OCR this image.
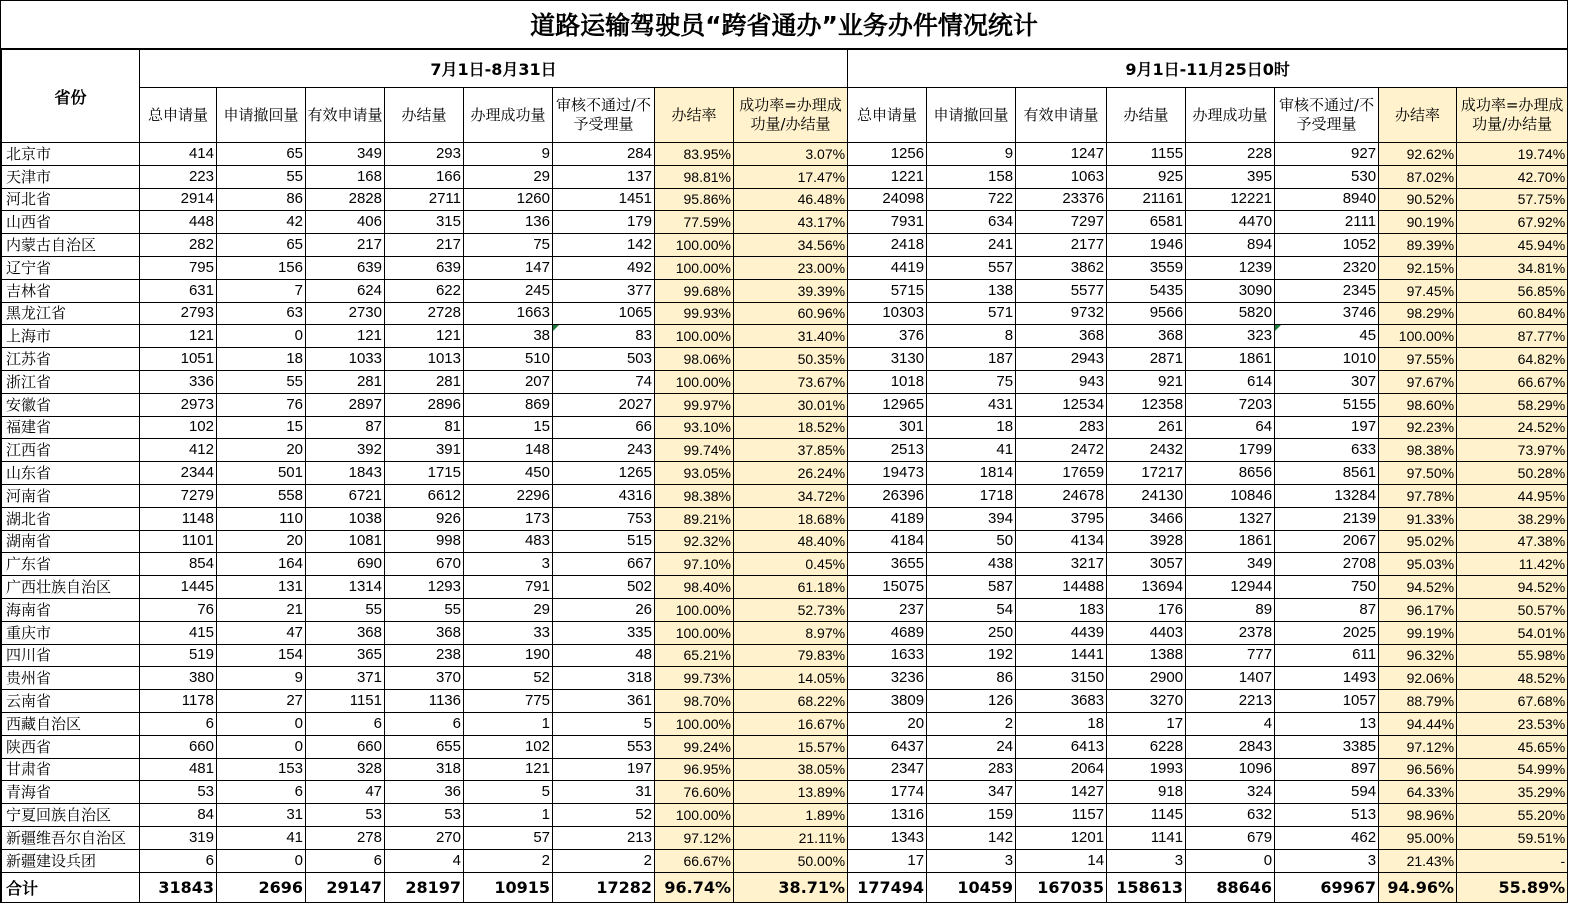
道路运输驾驶员“跨省通办”业务办件情况统计
省份	7月1日-8月31日								9月1日-11月25日0时							
	总申请量	申请撤回量	有效申请量	办结量	办理成功量	审核不通过/不予受理量	办结率	成功率=办理成功量/办结量	总申请量	申请撤回量	有效申请量	办结量	办理成功量	审核不通过/不予受理量	办结率	成功率=办理成功量/办结量
北京市	414	65	349	293	9	284	83.95%	3.07%	1256	9	1247	1155	228	927	92.62%	19.74%
天津市	223	55	168	166	29	137	98.81%	17.47%	1221	158	1063	925	395	530	87.02%	42.70%
河北省	2914	86	2828	2711	1260	1451	95.86%	46.48%	24098	722	23376	21161	12221	8940	90.52%	57.75%
山西省	448	42	406	315	136	179	77.59%	43.17%	7931	634	7297	6581	4470	2111	90.19%	67.92%
内蒙古自治区	282	65	217	217	75	142	100.00%	34.56%	2418	241	2177	1946	894	1052	89.39%	45.94%
辽宁省	795	156	639	639	147	492	100.00%	23.00%	4419	557	3862	3559	1239	2320	92.15%	34.81%
吉林省	631	7	624	622	245	377	99.68%	39.39%	5715	138	5577	5435	3090	2345	97.45%	56.85%
黑龙江省	2793	63	2730	2728	1663	1065	99.93%	60.96%	10303	571	9732	9566	5820	3746	98.29%	60.84%
上海市	121	0	121	121	38	83	100.00%	31.40%	376	8	368	368	323	45	100.00%	87.77%
江苏省	1051	18	1033	1013	510	503	98.06%	50.35%	3130	187	2943	2871	1861	1010	97.55%	64.82%
浙江省	336	55	281	281	207	74	100.00%	73.67%	1018	75	943	921	614	307	97.67%	66.67%
安徽省	2973	76	2897	2896	869	2027	99.97%	30.01%	12965	431	12534	12358	7203	5155	98.60%	58.29%
福建省	102	15	87	81	15	66	93.10%	18.52%	301	18	283	261	64	197	92.23%	24.52%
江西省	412	20	392	391	148	243	99.74%	37.85%	2513	41	2472	2432	1799	633	98.38%	73.97%
山东省	2344	501	1843	1715	450	1265	93.05%	26.24%	19473	1814	17659	17217	8656	8561	97.50%	50.28%
河南省	7279	558	6721	6612	2296	4316	98.38%	34.72%	26396	1718	24678	24130	10846	13284	97.78%	44.95%
湖北省	1148	110	1038	926	173	753	89.21%	18.68%	4189	394	3795	3466	1327	2139	91.33%	38.29%
湖南省	1101	20	1081	998	483	515	92.32%	48.40%	4184	50	4134	3928	1861	2067	95.02%	47.38%
广东省	854	164	690	670	3	667	97.10%	0.45%	3655	438	3217	3057	349	2708	95.03%	11.42%
广西壮族自治区	1445	131	1314	1293	791	502	98.40%	61.18%	15075	587	14488	13694	12944	750	94.52%	94.52%
海南省	76	21	55	55	29	26	100.00%	52.73%	237	54	183	176	89	87	96.17%	50.57%
重庆市	415	47	368	368	33	335	100.00%	8.97%	4689	250	4439	4403	2378	2025	99.19%	54.01%
四川省	519	154	365	238	190	48	65.21%	79.83%	1633	192	1441	1388	777	611	96.32%	55.98%
贵州省	380	9	371	370	52	318	99.73%	14.05%	3236	86	3150	2900	1407	1493	92.06%	48.52%
云南省	1178	27	1151	1136	775	361	98.70%	68.22%	3809	126	3683	3270	2213	1057	88.79%	67.68%
西藏自治区	6	0	6	6	1	5	100.00%	16.67%	20	2	18	17	4	13	94.44%	23.53%
陕西省	660	0	660	655	102	553	99.24%	15.57%	6437	24	6413	6228	2843	3385	97.12%	45.65%
甘肃省	481	153	328	318	121	197	96.95%	38.05%	2347	283	2064	1993	1096	897	96.56%	54.99%
青海省	53	6	47	36	5	31	76.60%	13.89%	1774	347	1427	918	324	594	64.33%	35.29%
宁夏回族自治区	84	31	53	53	1	52	100.00%	1.89%	1316	159	1157	1145	632	513	98.96%	55.20%
新疆维吾尔自治区	319	41	278	270	57	213	97.12%	21.11%	1343	142	1201	1141	679	462	95.00%	59.51%
新疆建设兵团	6	0	6	4	2	2	66.67%	50.00%	17	3	14	3	0	3	21.43%	-
合计	31843	2696	29147	28197	10915	17282	96.74%	38.71%	177494	10459	167035	158613	88646	69967	94.96%	55.89%
